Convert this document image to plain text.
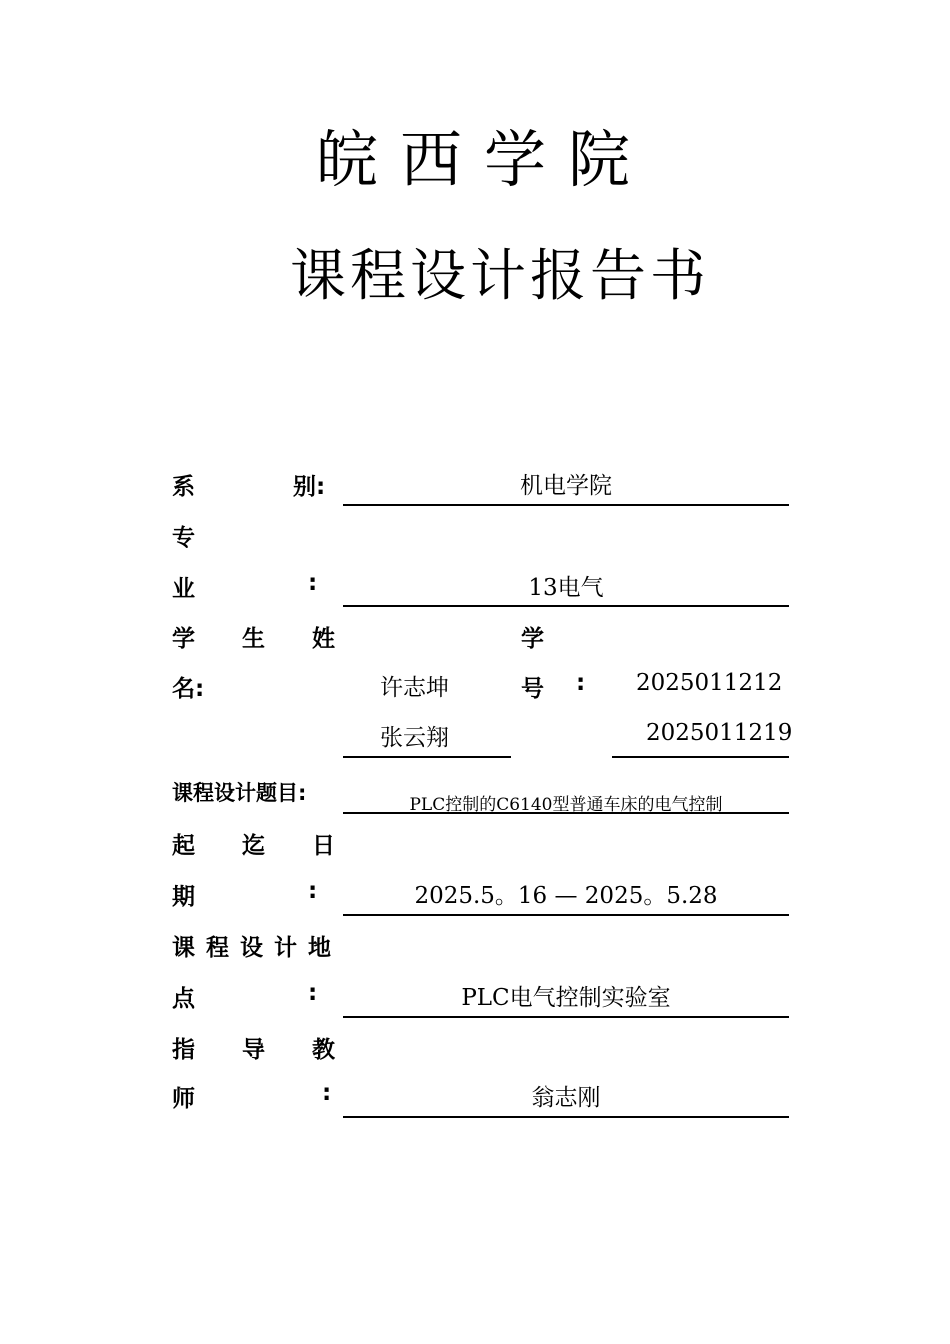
皖西学院
课程设计报告书
系	别:	机电学院
专
业	:	13电气
学 生 姓
名:
学
号 :
许志坤	2025011212
张云翔	2025011219
课程设计题目:	PLC控制的C6140型普通车床的电气控制
起 迄 日
期	:	2025.5。16 — 2025。5.28
课 程 设 计 地
点	:	PLC电气控制实验室
指 导 教
师	:	翁志刚
